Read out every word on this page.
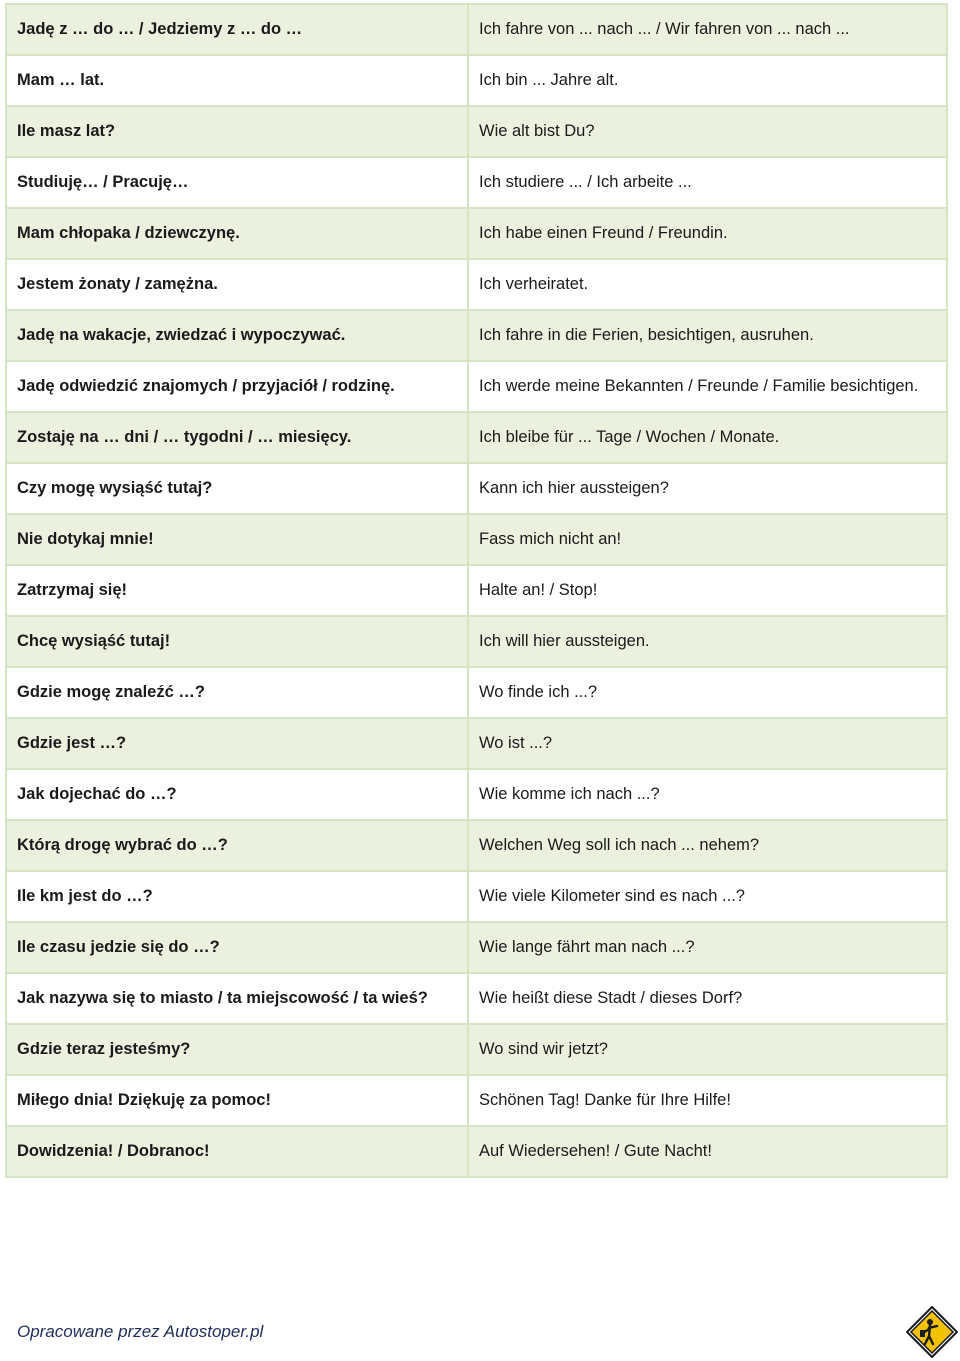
Jadę z … do … / Jedziemy z … do …	Ich fahre von ... nach ... / Wir fahren von ... nach ...
Mam … lat.	Ich bin ... Jahre alt.
Ile masz lat?	Wie alt bist Du?
Studiuję… / Pracuję…	Ich studiere ... / Ich arbeite ...
Mam chłopaka / dziewczynę.	Ich habe einen Freund / Freundin.
Jestem żonaty / zamężna.	Ich verheiratet.
Jadę na wakacje, zwiedzać i wypoczywać.	Ich fahre in die Ferien, besichtigen, ausruhen.
Jadę odwiedzić znajomych / przyjaciół / rodzinę.	Ich werde meine Bekannten / Freunde / Familie besichtigen.
Zostaję na … dni / … tygodni / … miesięcy.	Ich bleibe für ... Tage / Wochen / Monate.
Czy mogę wysiąść tutaj?	Kann ich hier aussteigen?
Nie dotykaj mnie!	Fass mich nicht an!
Zatrzymaj się!	Halte an! / Stop!
Chcę wysiąść tutaj!	Ich will hier aussteigen.
Gdzie mogę znaleźć …?	Wo finde ich ...?
Gdzie jest …?	Wo ist ...?
Jak dojechać do …?	Wie komme ich nach ...?
Którą drogę wybrać do …?	Welchen Weg soll ich nach ... nehem?
Ile km jest do …?	Wie viele Kilometer sind es nach ...?
Ile czasu jedzie się do …?	Wie lange fährt man nach ...?
Jak nazywa się to miasto / ta miejscowość / ta wieś?	Wie heißt diese Stadt / dieses Dorf?
Gdzie teraz jesteśmy?	Wo sind wir jetzt?
Miłego dnia! Dziękuję za pomoc!	Schönen Tag! Danke für Ihre Hilfe!
Dowidzenia! / Dobranoc!	Auf Wiedersehen! / Gute Nacht!
Opracowane przez Autostoper.pl
